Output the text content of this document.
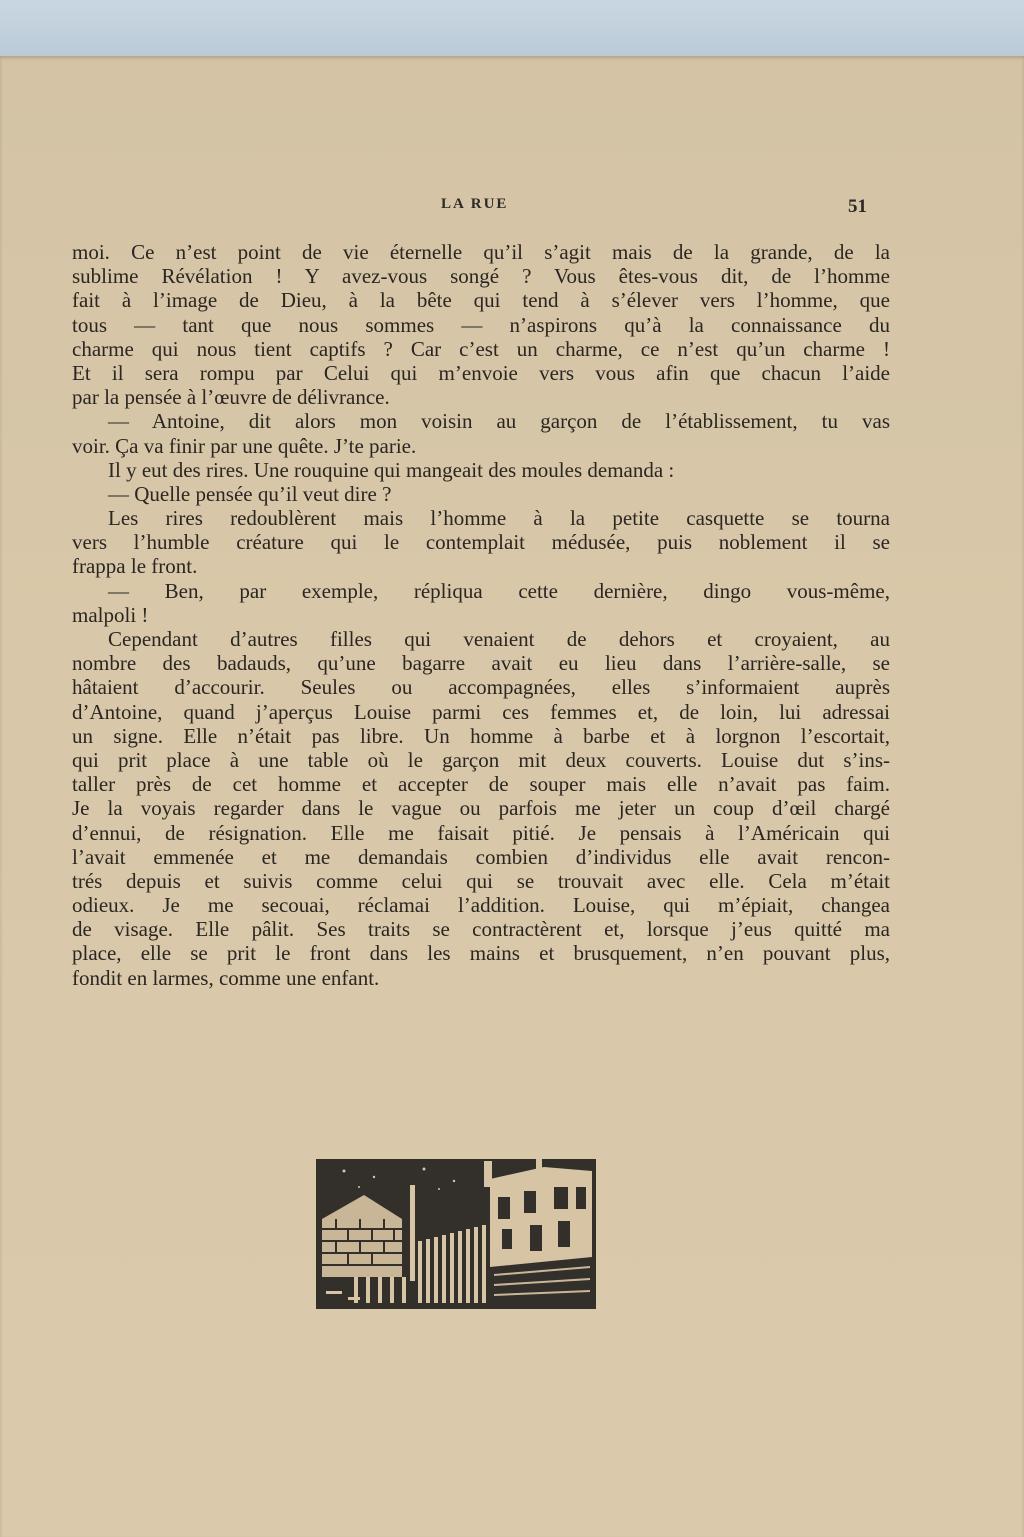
LA RUE	51
moi. Ce n’est point de vie éternelle qu’il s’agit mais de la grande, de la
sublime Révélation ! Y avez-vous songé ? Vous êtes-vous dit, de l’homme
fait à l’image de Dieu, à la bête qui tend à s’élever vers l’homme, que
tous — tant que nous sommes — n’aspirons qu’à la connaissance du
charme qui nous tient captifs ? Car c’est un charme, ce n’est qu’un charme !
Et il sera rompu par Celui qui m’envoie vers vous afin que chacun l’aide
par la pensée à l’œuvre de délivrance.
— Antoine, dit alors mon voisin au garçon de l’établissement, tu vas
voir. Ça va finir par une quête. J’te parie.
Il y eut des rires. Une rouquine qui mangeait des moules demanda :
— Quelle pensée qu’il veut dire ?
Les rires redoublèrent mais l’homme à la petite casquette se tourna
vers l’humble créature qui le contemplait médusée, puis noblement il se
frappa le front.
— Ben, par exemple, répliqua cette dernière, dingo vous-même,
malpoli !
Cependant d’autres filles qui venaient de dehors et croyaient, au
nombre des badauds, qu’une bagarre avait eu lieu dans l’arrière-salle, se
hâtaient d’accourir. Seules ou accompagnées, elles s’informaient auprès
d’Antoine, quand j’aperçus Louise parmi ces femmes et, de loin, lui adressai
un signe. Elle n’était pas libre. Un homme à barbe et à lorgnon l’escortait,
qui prit place à une table où le garçon mit deux couverts. Louise dut s’ins-
taller près de cet homme et accepter de souper mais elle n’avait pas faim.
Je la voyais regarder dans le vague ou parfois me jeter un coup d’œil chargé
d’ennui, de résignation. Elle me faisait pitié. Je pensais à l’Américain qui
l’avait emmenée et me demandais combien d’individus elle avait rencon-
trés depuis et suivis comme celui qui se trouvait avec elle. Cela m’était
odieux. Je me secouai, réclamai l’addition. Louise, qui m’épiait, changea
de visage. Elle pâlit. Ses traits se contractèrent et, lorsque j’eus quitté ma
place, elle se prit le front dans les mains et brusquement, n’en pouvant plus,
fondit en larmes, comme une enfant.
